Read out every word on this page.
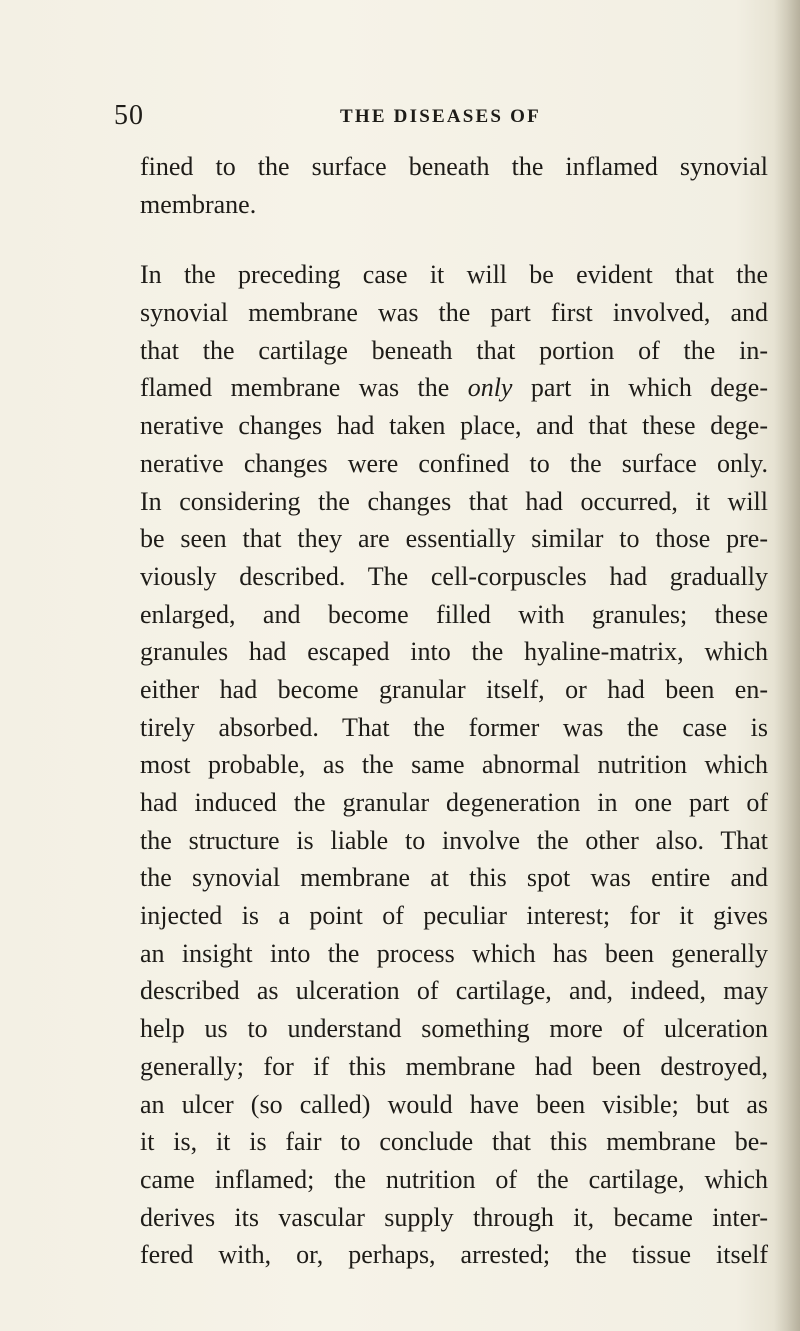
50	THE DISEASES OF
fined to the surface beneath the inflamed synovial
membrane.
In the preceding case it will be evident that the
synovial membrane was the part first involved, and
that the cartilage beneath that portion of the in-
flamed membrane was the only part in which dege-
nerative changes had taken place, and that these dege-
nerative changes were confined to the surface only.
In considering the changes that had occurred, it will
be seen that they are essentially similar to those pre-
viously described. The cell-corpuscles had gradually
enlarged, and become filled with granules; these
granules had escaped into the hyaline-matrix, which
either had become granular itself, or had been en-
tirely absorbed. That the former was the case is
most probable, as the same abnormal nutrition which
had induced the granular degeneration in one part of
the structure is liable to involve the other also. That
the synovial membrane at this spot was entire and
injected is a point of peculiar interest; for it gives
an insight into the process which has been generally
described as ulceration of cartilage, and, indeed, may
help us to understand something more of ulceration
generally; for if this membrane had been destroyed,
an ulcer (so called) would have been visible; but as
it is, it is fair to conclude that this membrane be-
came inflamed; the nutrition of the cartilage, which
derives its vascular supply through it, became inter-
fered with, or, perhaps, arrested; the tissue itself
